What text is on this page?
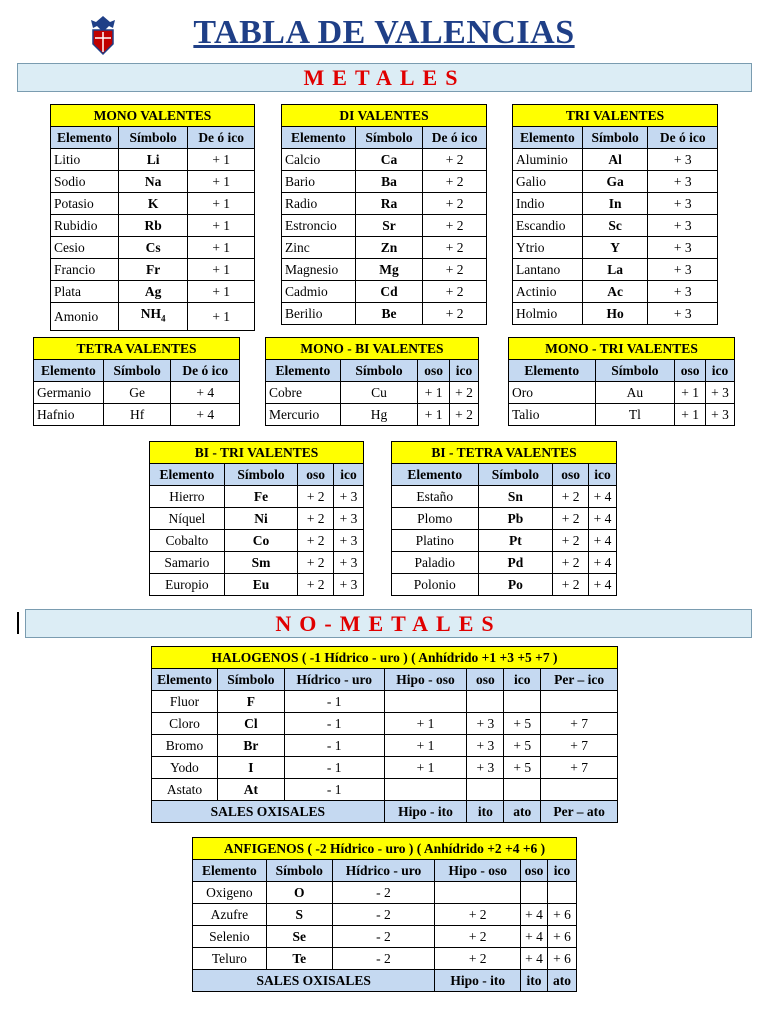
TABLA DE VALENCIAS
METALES
MONO VALENTES		
Elemento	Símbolo	De ó ico
Litio	Li	+ 1
Sodio	Na	+ 1
Potasio	K	+ 1
Rubidio	Rb	+ 1
Cesio	Cs	+ 1
Francio	Fr	+ 1
Plata	Ag	+ 1
Amonio	$NH_4$	+ 1
DI VALENTES		
Elemento	Símbolo	De ó ico
Calcio	Ca	+ 2
Bario	Ba	+ 2
Radio	Ra	+ 2
Estroncio	Sr	+ 2
Zinc	Zn	+ 2
Magnesio	Mg	+ 2
Cadmio	Cd	+ 2
Berilio	Be	+ 2
TRI VALENTES		
Elemento	Símbolo	De ó ico
Aluminio	Al	+ 3
Galio	Ga	+ 3
Indio	In	+ 3
Escandio	Sc	+ 3
Ytrio	Y	+ 3
Lantano	La	+ 3
Actinio	Ac	+ 3
Holmio	Ho	+ 3
TETRA VALENTES		
Elemento	Símbolo	De ó ico
Germanio	Ge	+ 4
Hafnio	Hf	+ 4
MONO - BI VALENTES			
Elemento	Símbolo	oso	ico
Cobre	Cu	+ 1	+ 2
Mercurio	Hg	+ 1	+ 2
MONO - TRI VALENTES			
Elemento	Símbolo	oso	ico
Oro	Au	+ 1	+ 3
Talio	Tl	+ 1	+ 3
BI - TRI VALENTES			
Elemento	Símbolo	oso	ico
Hierro	Fe	+ 2	+ 3
Níquel	Ni	+ 2	+ 3
Cobalto	Co	+ 2	+ 3
Samario	Sm	+ 2	+ 3
Europio	Eu	+ 2	+ 3
BI - TETRA VALENTES			
Elemento	Símbolo	oso	ico
Estaño	Sn	+ 2	+ 4
Plomo	Pb	+ 2	+ 4
Platino	Pt	+ 2	+ 4
Paladio	Pd	+ 2	+ 4
Polonio	Po	+ 2	+ 4
NO-METALES
HALOGENOS ( -1 Hídrico - uro ) ( Anhídrido +1 +3 +5 +7 )						
Elemento	Símbolo	Hídrico - uro	Hipo - oso	oso	ico	Per – ico
Fluor	F	- 1				
Cloro	Cl	- 1	+ 1	+ 3	+ 5	+ 7
Bromo	Br	- 1	+ 1	+ 3	+ 5	+ 7
Yodo	I	- 1	+ 1	+ 3	+ 5	+ 7
Astato	At	- 1				
SALES OXISALES			Hipo - ito	ito	ato	Per – ato
ANFIGENOS ( -2 Hídrico - uro ) ( Anhídrido +2 +4 +6 )					
Elemento	Símbolo	Hídrico - uro	Hipo - oso	oso	ico
Oxigeno	O	- 2			
Azufre	S	- 2	+ 2	+ 4	+ 6
Selenio	Se	- 2	+ 2	+ 4	+ 6
Teluro	Te	- 2	+ 2	+ 4	+ 6
SALES OXISALES			Hipo - ito	ito	ato
